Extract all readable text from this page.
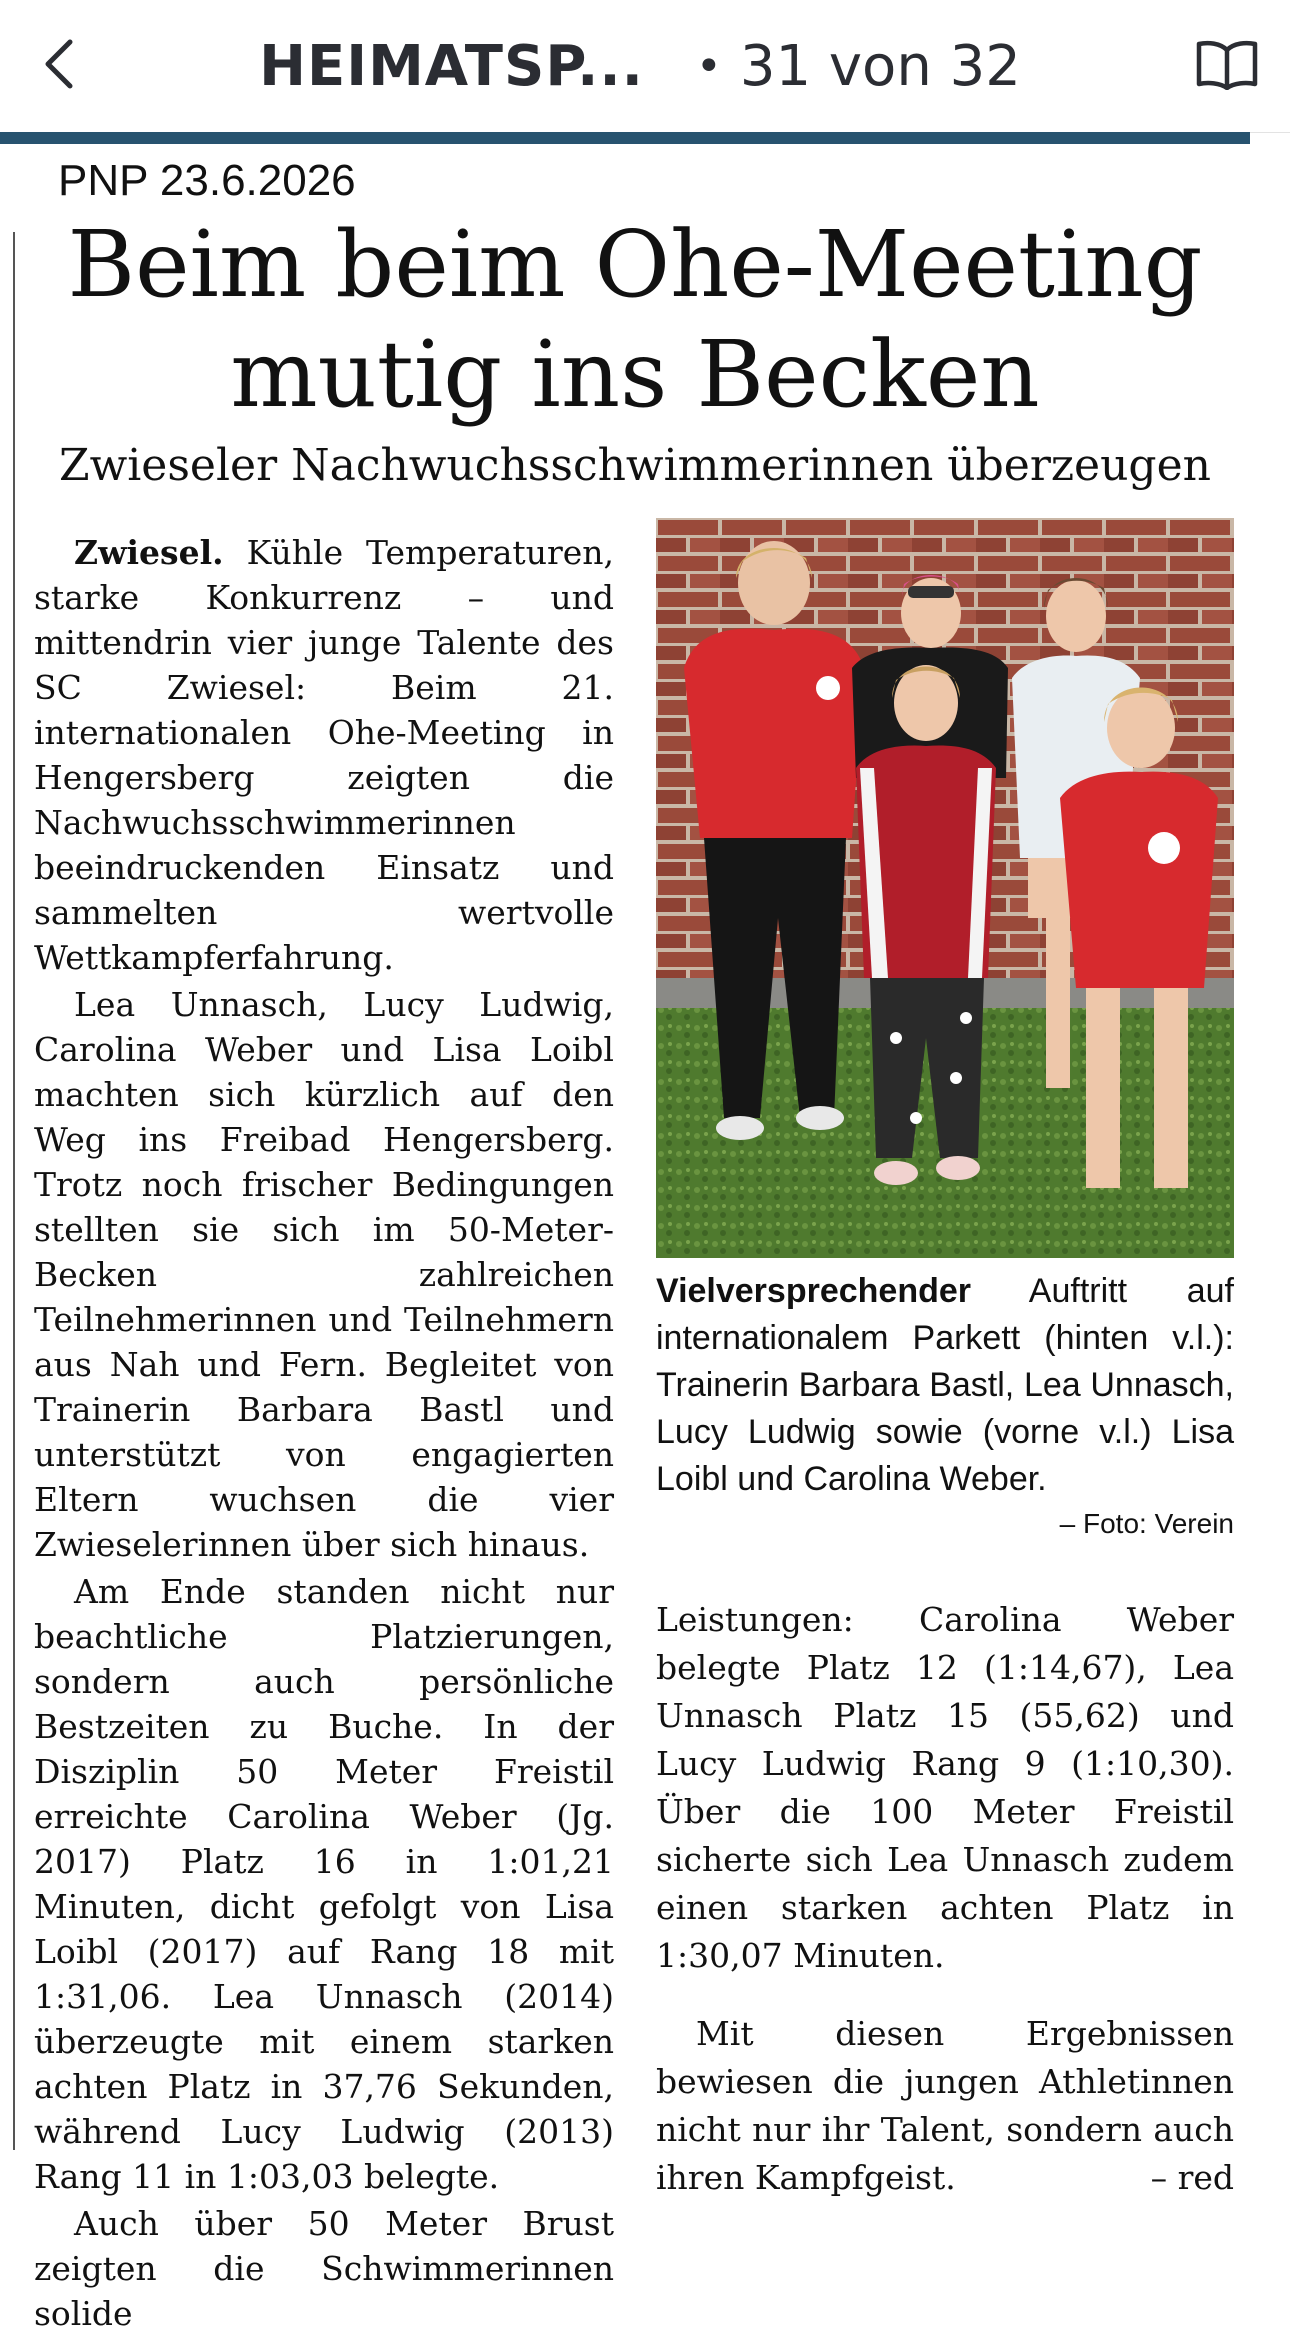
HEIMATSP... • 31 von 32
PNP 23.6.2026
Beim beim Ohe-Meeting
mutig ins Becken
Zwieseler Nachwuchsschwimmerinnen überzeugen

Zwiesel. Kühle Temperaturen, starke Konkurrenz – und mittendrin vier junge Talente des SC Zwiesel: Beim 21. internationalen Ohe-Meeting in Hengersberg zeigten die Nachwuchsschwimmerinnen beeindruckenden Einsatz und sammelten wertvolle Wettkampferfahrung.

Lea Unnasch, Lucy Ludwig, Carolina Weber und Lisa Loibl machten sich kürzlich auf den Weg ins Freibad Hengersberg. Trotz noch frischer Bedingungen stellten sie sich im 50-Meter-Becken zahlreichen Teilnehmerinnen und Teilnehmern aus Nah und Fern. Begleitet von Trainerin Barbara Bastl und unterstützt von engagierten Eltern wuchsen die vier Zwieselerinnen über sich hinaus.

Am Ende standen nicht nur beachtliche Platzierungen, sondern auch persönliche Bestzeiten zu Buche. In der Disziplin 50 Meter Freistil erreichte Carolina Weber (Jg. 2017) Platz 16 in 1:01,21 Minuten, dicht gefolgt von Lisa Loibl (2017) auf Rang 18 mit 1:31,06. Lea Unnasch (2014) überzeugte mit einem starken achten Platz in 37,76 Sekunden, während Lucy Ludwig (2013) Rang 11 in 1:03,03 belegte.

Auch über 50 Meter Brust zeigten die Schwimmerinnen solide

Vielversprechender Auftritt auf internationalem Parkett (hinten v.l.): Trainerin Barbara Bastl, Lea Unnasch, Lucy Ludwig sowie (vorne v.l.) Lisa Loibl und Carolina Weber.
– Foto: Verein

Leistungen: Carolina Weber belegte Platz 12 (1:14,67), Lea Unnasch Platz 15 (55,62) und Lucy Ludwig Rang 9 (1:10,30). Über die 100 Meter Freistil sicherte sich Lea Unnasch zudem einen starken achten Platz in 1:30,07 Minuten.

Mit diesen Ergebnissen bewiesen die jungen Athletinnen nicht nur ihr Talent, sondern auch ihren Kampfgeist.	– red
